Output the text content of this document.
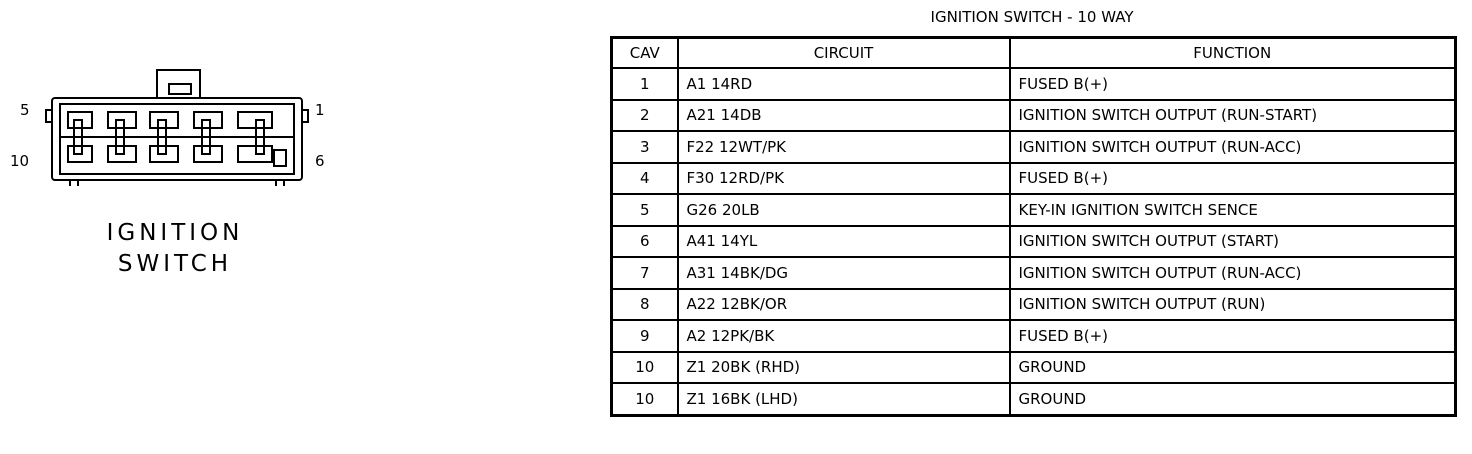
5	1
10	6
IGNITION
SWITCH
IGNITION SWITCH - 10 WAY
CAV	CIRCUIT	FUNCTION
1	A1 14RD	FUSED B(+)
2	A21 14DB	IGNITION SWITCH OUTPUT (RUN-START)
3	F22 12WT/PK	IGNITION SWITCH OUTPUT (RUN-ACC)
4	F30 12RD/PK	FUSED B(+)
5	G26 20LB	KEY-IN IGNITION SWITCH SENCE
6	A41 14YL	IGNITION SWITCH OUTPUT (START)
7	A31 14BK/DG	IGNITION SWITCH OUTPUT (RUN-ACC)
8	A22 12BK/OR	IGNITION SWITCH OUTPUT (RUN)
9	A2 12PK/BK	FUSED B(+)
10	Z1 20BK (RHD)	GROUND
10	Z1 16BK (LHD)	GROUND
